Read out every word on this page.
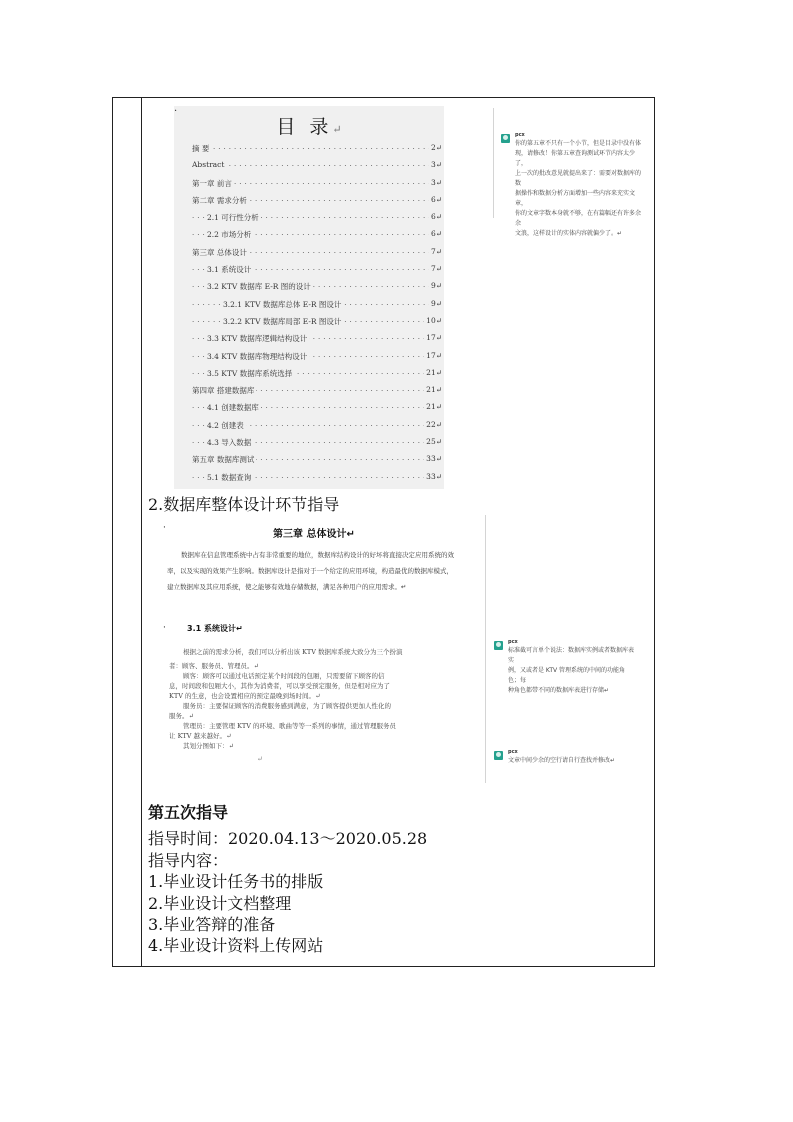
·
目 录↵
摘 要	2↵
Abstract	3↵
第一章 前言	3↵
第二章 需求分析	6↵
2.1 可行性分析	6↵
2.2 市场分析	6↵
第三章 总体设计	7↵
3.1 系统设计	7↵
3.2 KTV 数据库 E-R 图的设计	9↵
3.2.1 KTV 数据库总体 E-R 图设计	9↵
3.2.2 KTV 数据库局部 E-R 图设计	10↵
3.3 KTV 数据库逻辑结构设计	17↵
3.4 KTV 数据库物理结构设计	17↵
3.5 KTV 数据库系统选择	21↵
第四章 搭建数据库	21↵
4.1 创建数据库	21↵
4.2 创建表	22↵
4.3 导入数据	25↵
第五章 数据库测试	33↵
5.1 数据查询	33↵
pcx
你的第五章不只有一个小节，但是目录中没有体
现，请修改！你第五章查询测试环节内容太少了，
上一次的批改意见就提出来了：需要对数据库的数
据操作和数据分析方面增加一些内容来充实文章，
你的文章字数本身就不够，在有篇幅还有许多余余
文浪，这样设计的实体内容就偏少了。↵
2.数据库整体设计环节指导
·
第三章 总体设计↵
数据库在信息管理系统中占有非常重要的地位，数据库结构设计的好坏将直接决定应用系统的效率，以及实现的效果产生影响。数据库设计是指对于一个给定的应用环境，构造最优的数据库模式，建立数据库及其应用系统，使之能够有效地存储数据，满足各种用户的应用需求。↵
·	3.1 系统设计↵
根据之前的需求分析，我们可以分析出该 KTV 数据库系统大致分为三个扮演
者：顾客、服务员、管理员。↵
顾客：顾客可以通过电话预定某个时间段的包厢，只需要留下顾客的信
息，时间段和包厢大小，其作为消费者，可以享受预定服务，但是相对应为了
KTV 的生意，也会设置相应的预定最晚到场时间。↵
服务员：主要保证顾客的消费服务感到满意，为了顾客提供更加人性化的
服务。↵
管理员：主要管理 KTV 的环境、歌曲等等一系列的事情，通过管理服务员
让 KTV 越来越好。↵
其划分图如下：↵
↵
pcx
标准截可言单个说法：数据库实例或者数据库表实
例，又或者是 KTV 管理系统的中间的功能角色；每
种角色都带不同的数据库表进行存储↵
pcx
文章中间少余的空行请自行查找并修改↵
第五次指导
指导时间：2020.04.13～2020.05.28
指导内容：
1.毕业设计任务书的排版
2.毕业设计文档整理
3.毕业答辩的准备
4.毕业设计资料上传网站
